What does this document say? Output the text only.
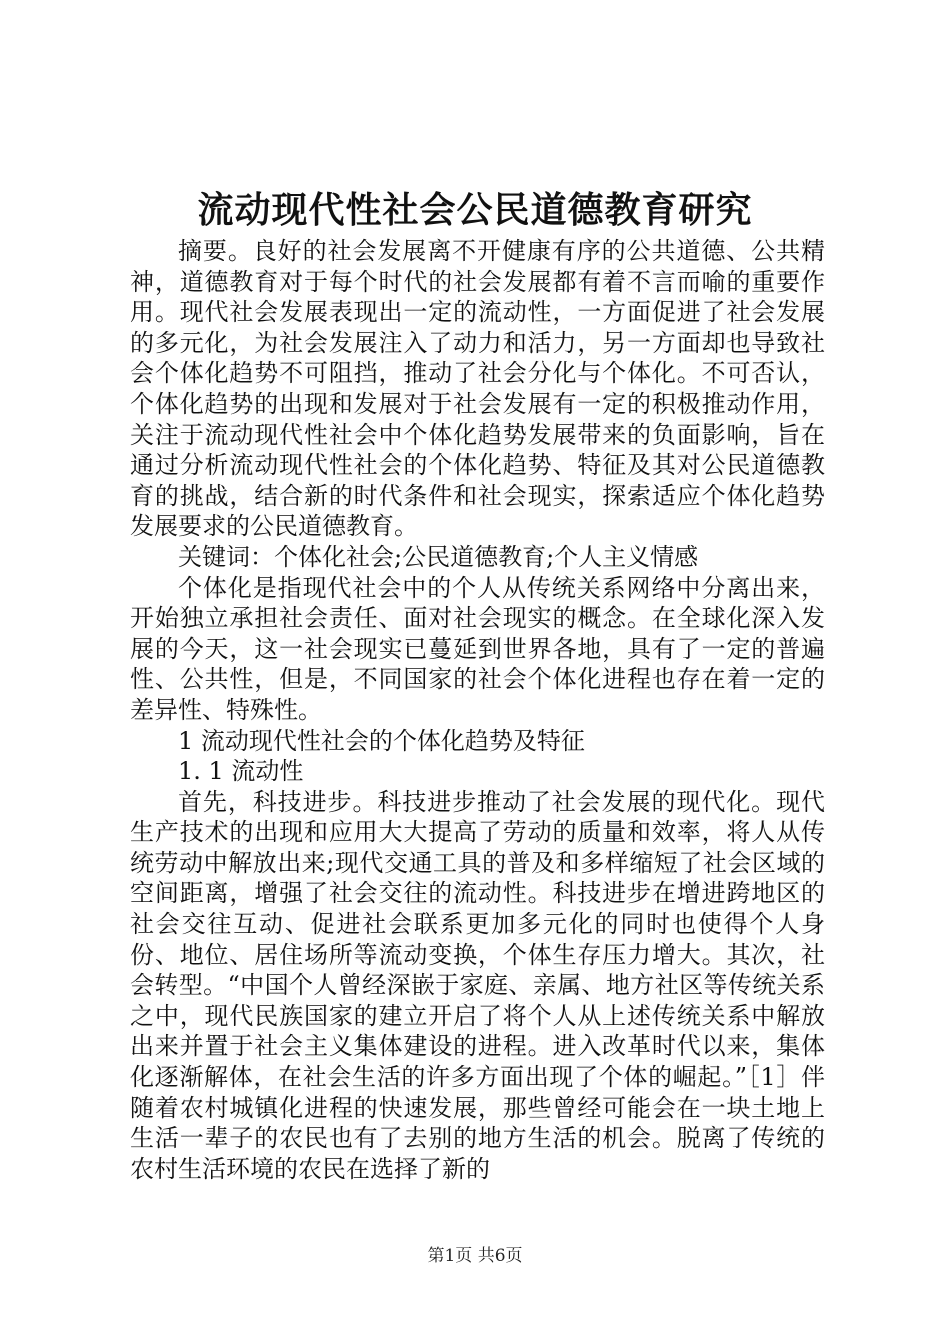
流动现代性社会公民道德教育研究

摘要。良好的社会发展离不开健康有序的公共道德、公共精神，道德教育对于每个时代的社会发展都有着不言而喻的重要作用。现代社会发展表现出一定的流动性，一方面促进了社会发展的多元化，为社会发展注入了动力和活力，另一方面却也导致社会个体化趋势不可阻挡，推动了社会分化与个体化。不可否认，个体化趋势的出现和发展对于社会发展有一定的积极推动作用，关注于流动现代性社会中个体化趋势发展带来的负面影响，旨在通过分析流动现代性社会的个体化趋势、特征及其对公民道德教育的挑战，结合新的时代条件和社会现实，探索适应个体化趋势发展要求的公民道德教育。

关键词：个体化社会;公民道德教育;个人主义情感

个体化是指现代社会中的个人从传统关系网络中分离出来，开始独立承担社会责任、面对社会现实的概念。在全球化深入发展的今天，这一社会现实已蔓延到世界各地，具有了一定的普遍性、公共性，但是，不同国家的社会个体化进程也存在着一定的差异性、特殊性。

1 流动现代性社会的个体化趋势及特征

1. 1 流动性

首先，科技进步。科技进步推动了社会发展的现代化。现代生产技术的出现和应用大大提高了劳动的质量和效率，将人从传统劳动中解放出来;现代交通工具的普及和多样缩短了社会区域的空间距离，增强了社会交往的流动性。科技进步在增进跨地区的社会交往互动、促进社会联系更加多元化的同时也使得个人身份、地位、居住场所等流动变换，个体生存压力增大。其次，社会转型。“中国个人曾经深嵌于家庭、亲属、地方社区等传统关系之中，现代民族国家的建立开启了将个人从上述传统关系中解放出来并置于社会主义集体建设的进程。进入改革时代以来，集体化逐渐解体，在社会生活的许多方面出现了个体的崛起。”［1］伴随着农村城镇化进程的快速发展，那些曾经可能会在一块土地上生活一辈子的农民也有了去别的地方生活的机会。脱离了传统的农村生活环境的农民在选择了新的

第1页 共6页
